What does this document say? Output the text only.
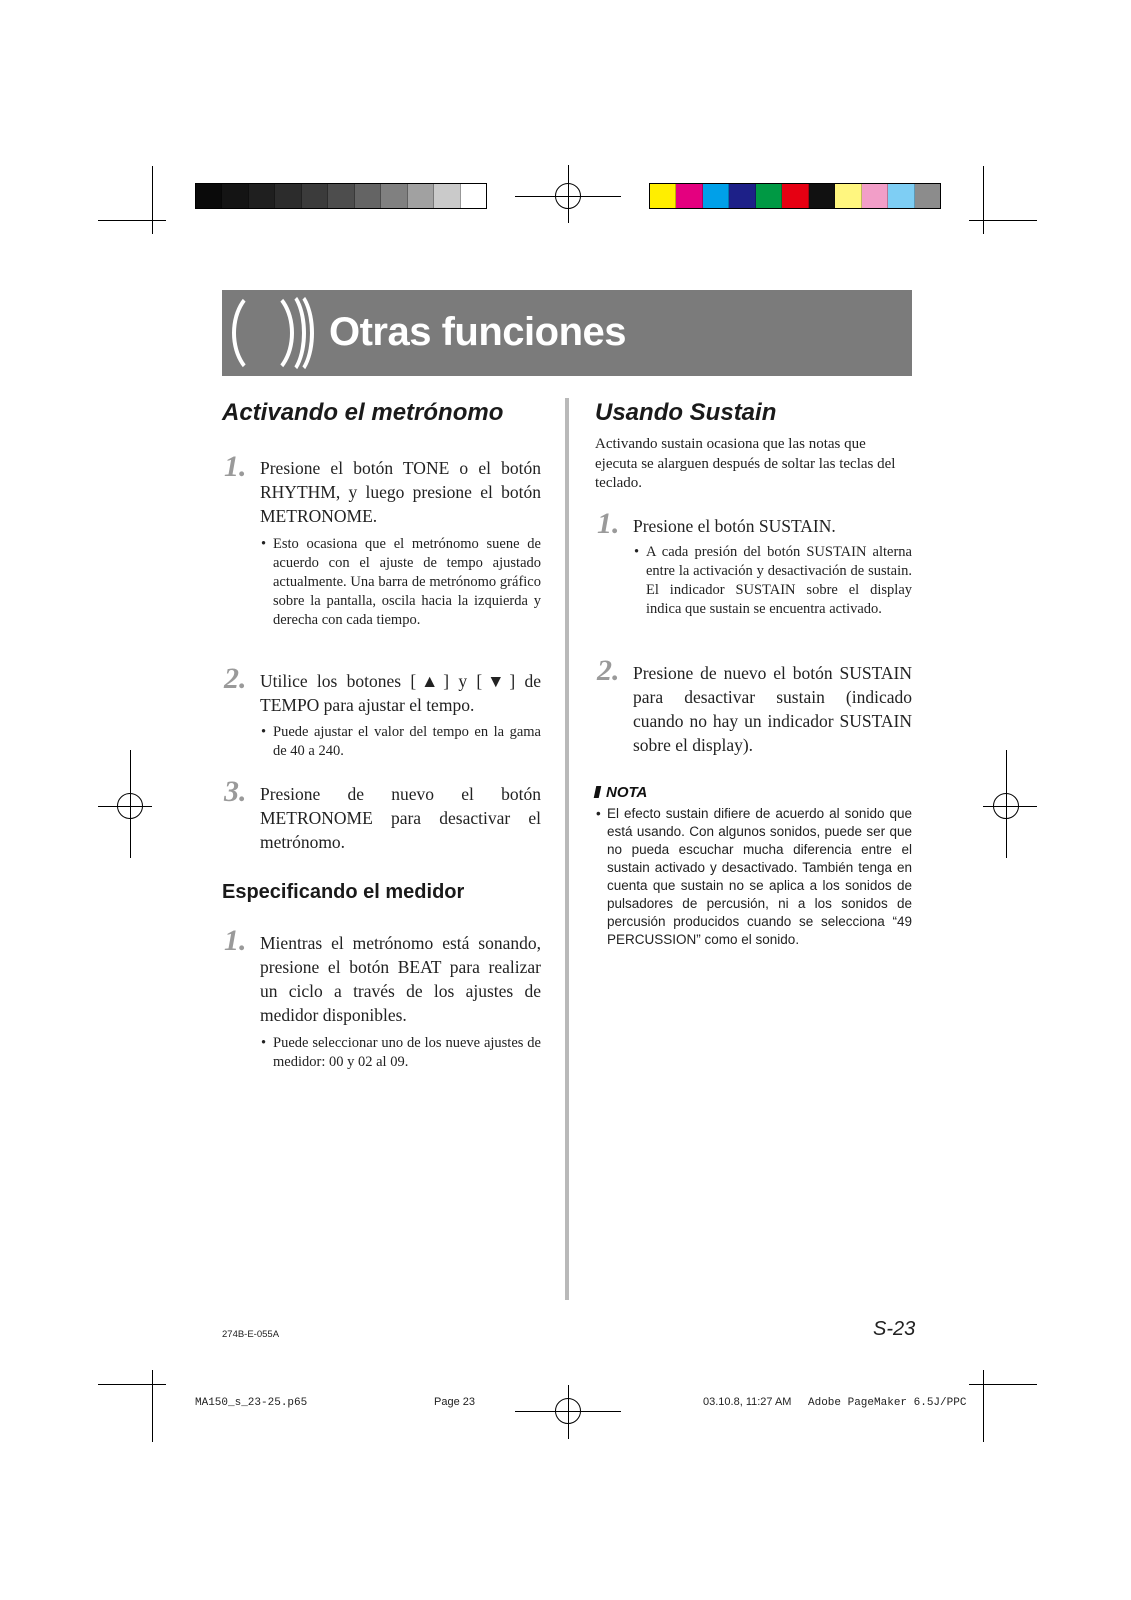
Otras funciones
Activando el metrónomo
1. Presione el botón TONE o el botón RHYTHM, y luego presione el botón METRONOME.
• Esto ocasiona que el metrónomo suene de acuerdo con el ajuste de tempo ajustado actualmente. Una barra de metrónomo gráfico sobre la pantalla, oscila hacia la izquierda y derecha con cada tiempo.
2. Utilice los botones [▲] y [▼] de TEMPO para ajustar el tempo.
• Puede ajustar el valor del tempo en la gama de 40 a 240.
3. Presione de nuevo el botón METRONOME para desactivar el metrónomo.
Especificando el medidor
1. Mientras el metrónomo está sonando, presione el botón BEAT para realizar un ciclo a través de los ajustes de medidor disponibles.
• Puede seleccionar uno de los nueve ajustes de medidor: 00 y 02 al 09.
Usando Sustain
Activando sustain ocasiona que las notas que ejecuta se alarguen después de soltar las teclas del teclado.
1. Presione el botón SUSTAIN.
• A cada presión del botón SUSTAIN alterna entre la activación y desactivación de sustain. El indicador SUSTAIN sobre el display indica que sustain se encuentra activado.
2. Presione de nuevo el botón SUSTAIN para desactivar sustain (indicado cuando no hay un indicador SUSTAIN sobre el display).
NOTA
• El efecto sustain difiere de acuerdo al sonido que está usando. Con algunos sonidos, puede ser que no pueda escuchar mucha diferencia entre el sustain activado y desactivado. También tenga en cuenta que sustain no se aplica a los sonidos de pulsadores de percusión, ni a los sonidos de percusión producidos cuando se selecciona “49 PERCUSSION” como el sonido.
274B-E-055A	S-23
MA150_s_23-25.p65	Page 23	03.10.8, 11:27 AM Adobe PageMaker 6.5J/PPC
